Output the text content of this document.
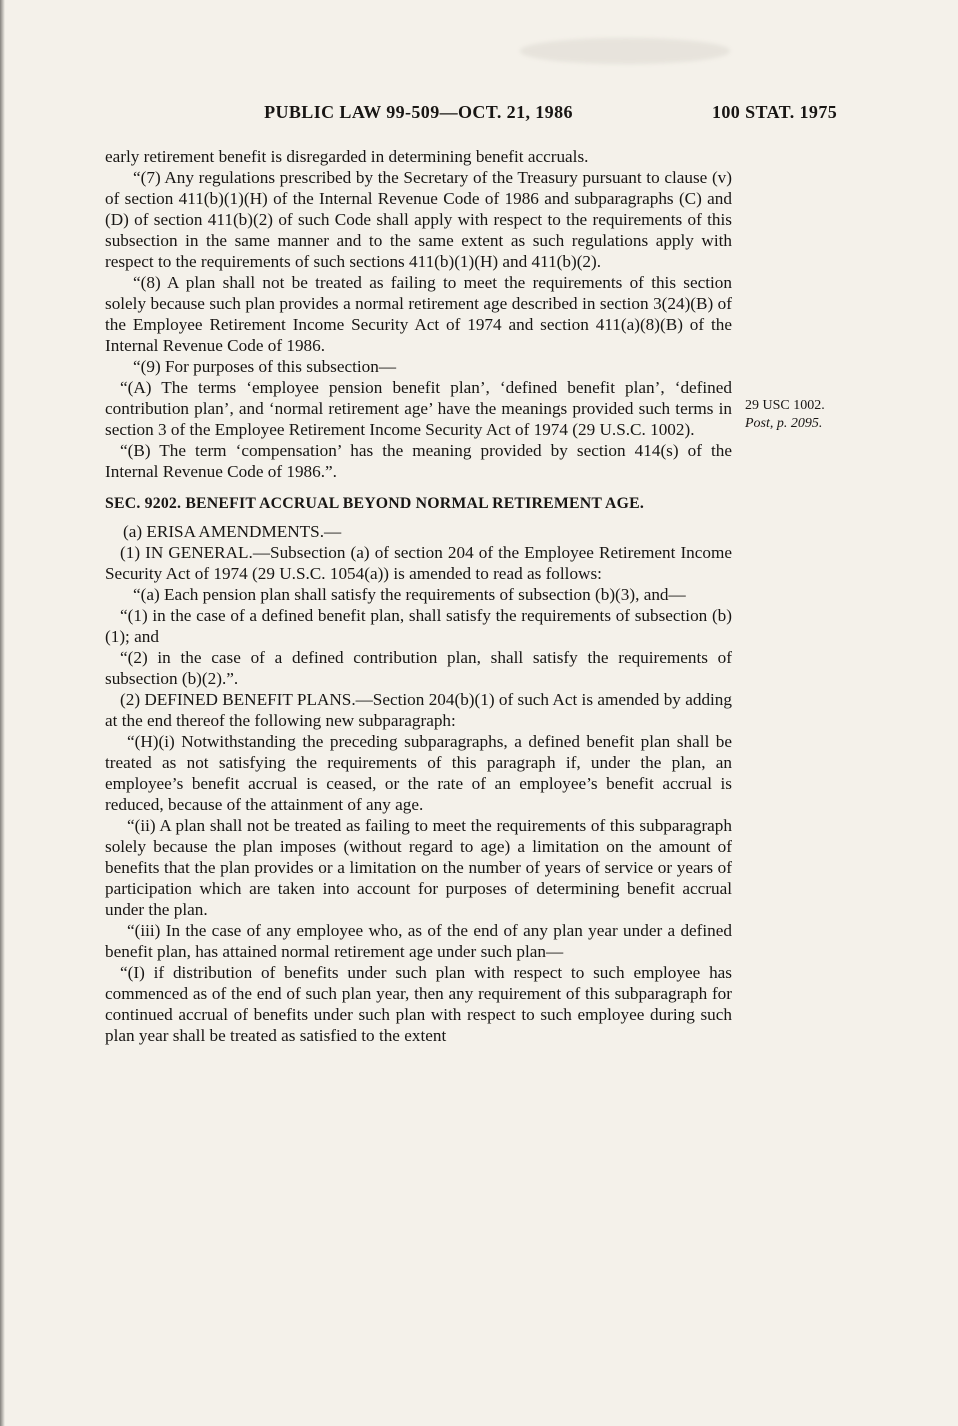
PUBLIC LAW 99-509—OCT. 21, 1986	100 STAT. 1975

early retirement benefit is disregarded in determining benefit accruals.

“(7) Any regulations prescribed by the Secretary of the Treasury pursuant to clause (v) of section 411(b)(1)(H) of the Internal Revenue Code of 1986 and subparagraphs (C) and (D) of section 411(b)(2) of such Code shall apply with respect to the requirements of this subsection in the same manner and to the same extent as such regulations apply with respect to the requirements of such sections 411(b)(1)(H) and 411(b)(2).

“(8) A plan shall not be treated as failing to meet the requirements of this section solely because such plan provides a normal retirement age described in section 3(24)(B) of the Employee Retirement Income Security Act of 1974 and section 411(a)(8)(B) of the Internal Revenue Code of 1986.

“(9) For purposes of this subsection—

“(A) The terms ‘employee pension benefit plan’, ‘defined benefit plan’, ‘defined contribution plan’, and ‘normal retirement age’ have the meanings provided such terms in section 3 of the Employee Retirement Income Security Act of 1974 (29 U.S.C. 1002).

“(B) The term ‘compensation’ has the meaning provided by section 414(s) of the Internal Revenue Code of 1986.”.

SEC. 9202. BENEFIT ACCRUAL BEYOND NORMAL RETIREMENT AGE.

(a) ERISA AMENDMENTS.—

(1) IN GENERAL.—Subsection (a) of section 204 of the Employee Retirement Income Security Act of 1974 (29 U.S.C. 1054(a)) is amended to read as follows:

“(a) Each pension plan shall satisfy the requirements of subsection (b)(3), and—

“(1) in the case of a defined benefit plan, shall satisfy the requirements of subsection (b)(1); and

“(2) in the case of a defined contribution plan, shall satisfy the requirements of subsection (b)(2).”.

(2) DEFINED BENEFIT PLANS.—Section 204(b)(1) of such Act is amended by adding at the end thereof the following new subparagraph:

“(H)(i) Notwithstanding the preceding subparagraphs, a defined benefit plan shall be treated as not satisfying the requirements of this paragraph if, under the plan, an employee’s benefit accrual is ceased, or the rate of an employee’s benefit accrual is reduced, because of the attainment of any age.

“(ii) A plan shall not be treated as failing to meet the requirements of this subparagraph solely because the plan imposes (without regard to age) a limitation on the amount of benefits that the plan provides or a limitation on the number of years of service or years of participation which are taken into account for purposes of determining benefit accrual under the plan.

“(iii) In the case of any employee who, as of the end of any plan year under a defined benefit plan, has attained normal retirement age under such plan—

“(I) if distribution of benefits under such plan with respect to such employee has commenced as of the end of such plan year, then any requirement of this subparagraph for continued accrual of benefits under such plan with respect to such employee during such plan year shall be treated as satisfied to the extent

29 USC 1002.
Post, p. 2095.
